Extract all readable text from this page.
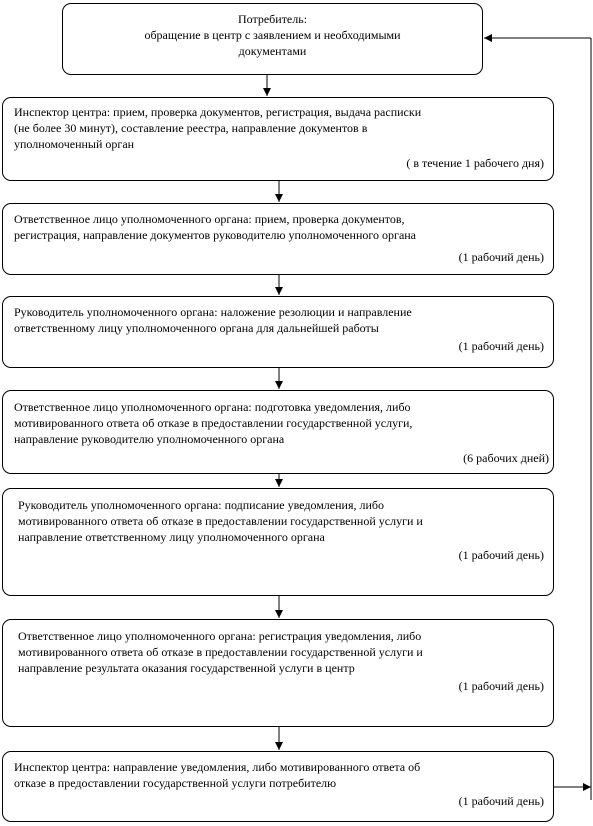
Потребитель:
обращение в центр с заявлением и необходимыми
документами
Инспектор центра: прием, проверка документов, регистрация, выдача расписки
(не более 30 минут), составление реестра, направление документов в
уполномоченный орган
( в течение 1 рабочего дня)
Ответственное лицо уполномоченного органа: прием, проверка документов,
регистрация, направление документов руководителю уполномоченного органа
(1 рабочий день)
Руководитель уполномоченного органа: наложение резолюции и направление
ответственному лицу уполномоченного органа для дальнейшей работы
(1 рабочий день)
Ответственное лицо уполномоченного органа: подготовка уведомления, либо
мотивированного ответа об отказе в предоставлении государственной услуги,
направление руководителю уполномоченного органа
(6 рабочих дней)
Руководитель уполномоченного органа: подписание уведомления, либо
мотивированного ответа об отказе в предоставлении государственной услуги и
направление ответственному лицу уполномоченного органа
(1 рабочий день)
Ответственное лицо уполномоченного органа: регистрация уведомления, либо
мотивированного ответа об отказе в предоставлении государственной услуги и
направление результата оказания государственной услуги в центр
(1 рабочий день)
Инспектор центра: направление уведомления, либо мотивированного ответа об
отказе в предоставлении государственной услуги потребителю
(1 рабочий день)
